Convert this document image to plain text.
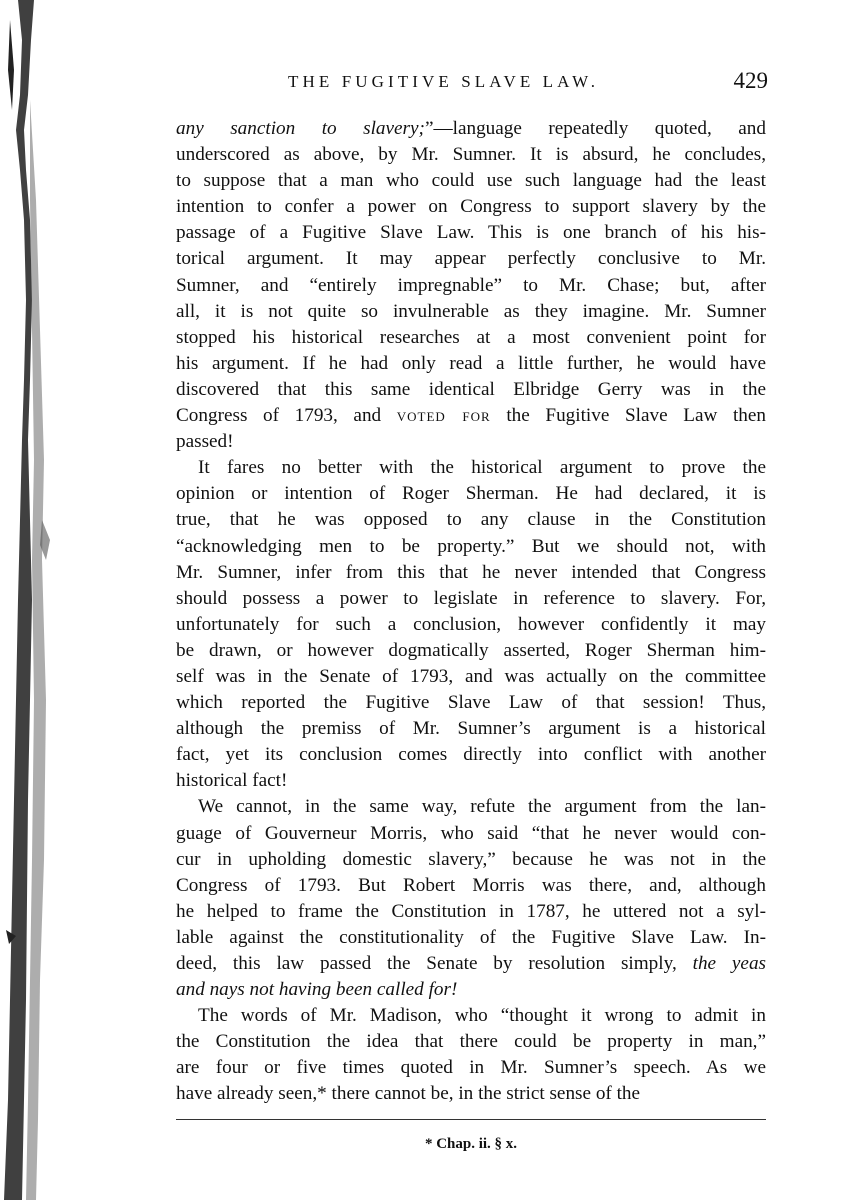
THE FUGITIVE SLAVE LAW.	429
any sanction to slavery;”—language repeatedly quoted, and
underscored as above, by Mr. Sumner. It is absurd, he concludes,
to suppose that a man who could use such language had the least
intention to confer a power on Congress to support slavery by the
passage of a Fugitive Slave Law. This is one branch of his his-
torical argument. It may appear perfectly conclusive to Mr.
Sumner, and “entirely impregnable” to Mr. Chase; but, after
all, it is not quite so invulnerable as they imagine. Mr. Sumner
stopped his historical researches at a most convenient point for
his argument. If he had only read a little further, he would have
discovered that this same identical Elbridge Gerry was in the
Congress of 1793, and voted for the Fugitive Slave Law then
passed!
It fares no better with the historical argument to prove the
opinion or intention of Roger Sherman. He had declared, it is
true, that he was opposed to any clause in the Constitution
“acknowledging men to be property.” But we should not, with
Mr. Sumner, infer from this that he never intended that Congress
should possess a power to legislate in reference to slavery. For,
unfortunately for such a conclusion, however confidently it may
be drawn, or however dogmatically asserted, Roger Sherman him-
self was in the Senate of 1793, and was actually on the committee
which reported the Fugitive Slave Law of that session! Thus,
although the premiss of Mr. Sumner’s argument is a historical
fact, yet its conclusion comes directly into conflict with another
historical fact!
We cannot, in the same way, refute the argument from the lan-
guage of Gouverneur Morris, who said “that he never would con-
cur in upholding domestic slavery,” because he was not in the
Congress of 1793. But Robert Morris was there, and, although
he helped to frame the Constitution in 1787, he uttered not a syl-
lable against the constitutionality of the Fugitive Slave Law. In-
deed, this law passed the Senate by resolution simply, the yeas
and nays not having been called for!
The words of Mr. Madison, who “thought it wrong to admit in
the Constitution the idea that there could be property in man,”
are four or five times quoted in Mr. Sumner’s speech. As we
have already seen,* there cannot be, in the strict sense of the
* Chap. ii. § x.
